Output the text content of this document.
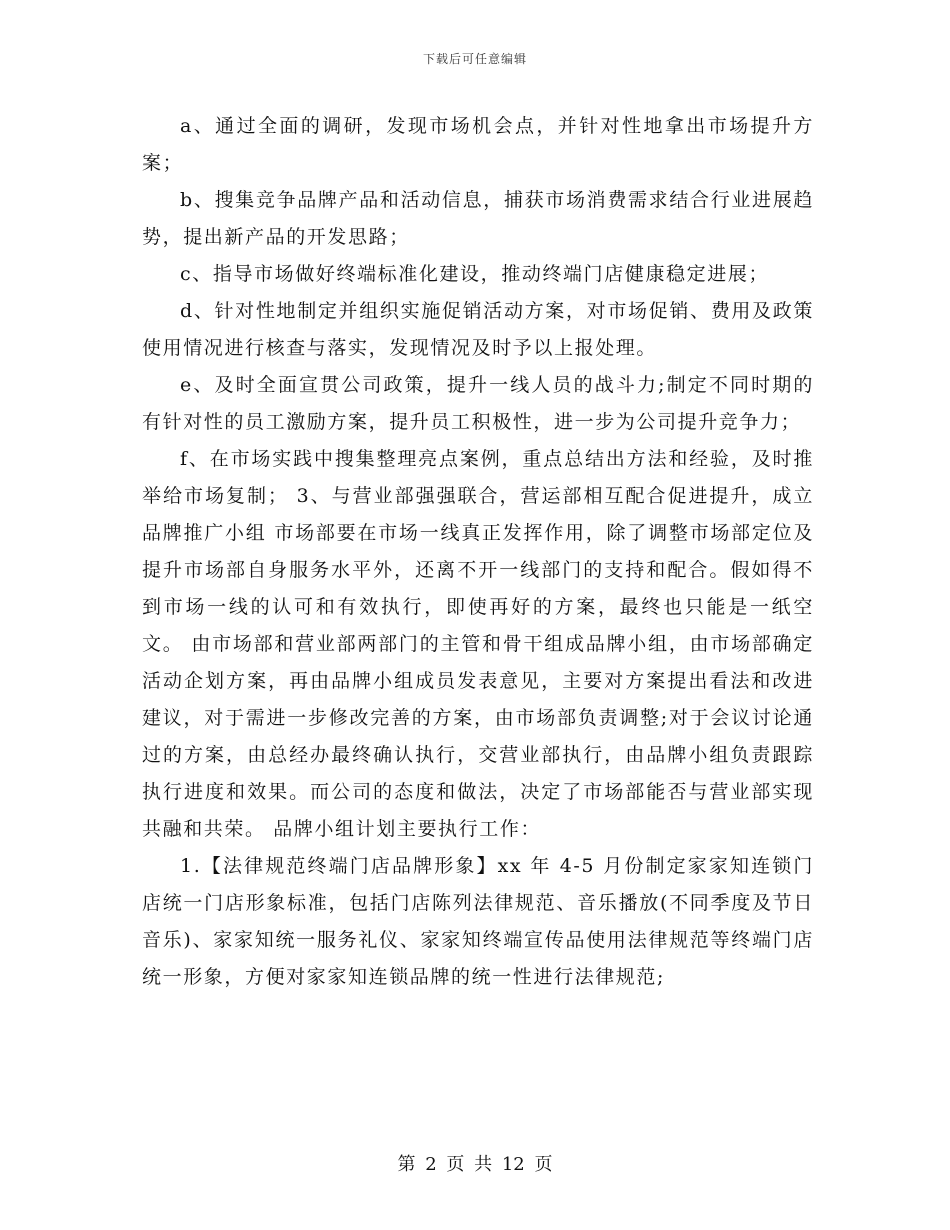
下载后可任意编辑

a、通过全面的调研，发现市场机会点，并针对性地拿出市场提升方案；

b、搜集竞争品牌产品和活动信息，捕获市场消费需求结合行业进展趋势，提出新产品的开发思路；

c、指导市场做好终端标准化建设，推动终端门店健康稳定进展；

d、针对性地制定并组织实施促销活动方案，对市场促销、费用及政策使用情况进行核查与落实，发现情况及时予以上报处理。

e、及时全面宣贯公司政策，提升一线人员的战斗力;制定不同时期的有针对性的员工激励方案，提升员工积极性，进一步为公司提升竞争力；

f、在市场实践中搜集整理亮点案例，重点总结出方法和经验，及时推举给市场复制； 3、与营业部强强联合，营运部相互配合促进提升，成立品牌推广小组 市场部要在市场一线真正发挥作用，除了调整市场部定位及提升市场部自身服务水平外，还离不开一线部门的支持和配合。假如得不到市场一线的认可和有效执行，即使再好的方案，最终也只能是一纸空文。 由市场部和营业部两部门的主管和骨干组成品牌小组，由市场部确定活动企划方案，再由品牌小组成员发表意见，主要对方案提出看法和改进建议，对于需进一步修改完善的方案，由市场部负责调整;对于会议讨论通过的方案，由总经办最终确认执行，交营业部执行，由品牌小组负责跟踪执行进度和效果。而公司的态度和做法，决定了市场部能否与营业部实现共融和共荣。 品牌小组计划主要执行工作：

1.【法律规范终端门店品牌形象】xx 年 4-5 月份制定家家知连锁门店统一门店形象标准，包括门店陈列法律规范、音乐播放(不同季度及节日音乐)、家家知统一服务礼仪、家家知终端宣传品使用法律规范等终端门店统一形象，方便对家家知连锁品牌的统一性进行法律规范;

第 2 页 共 12 页
